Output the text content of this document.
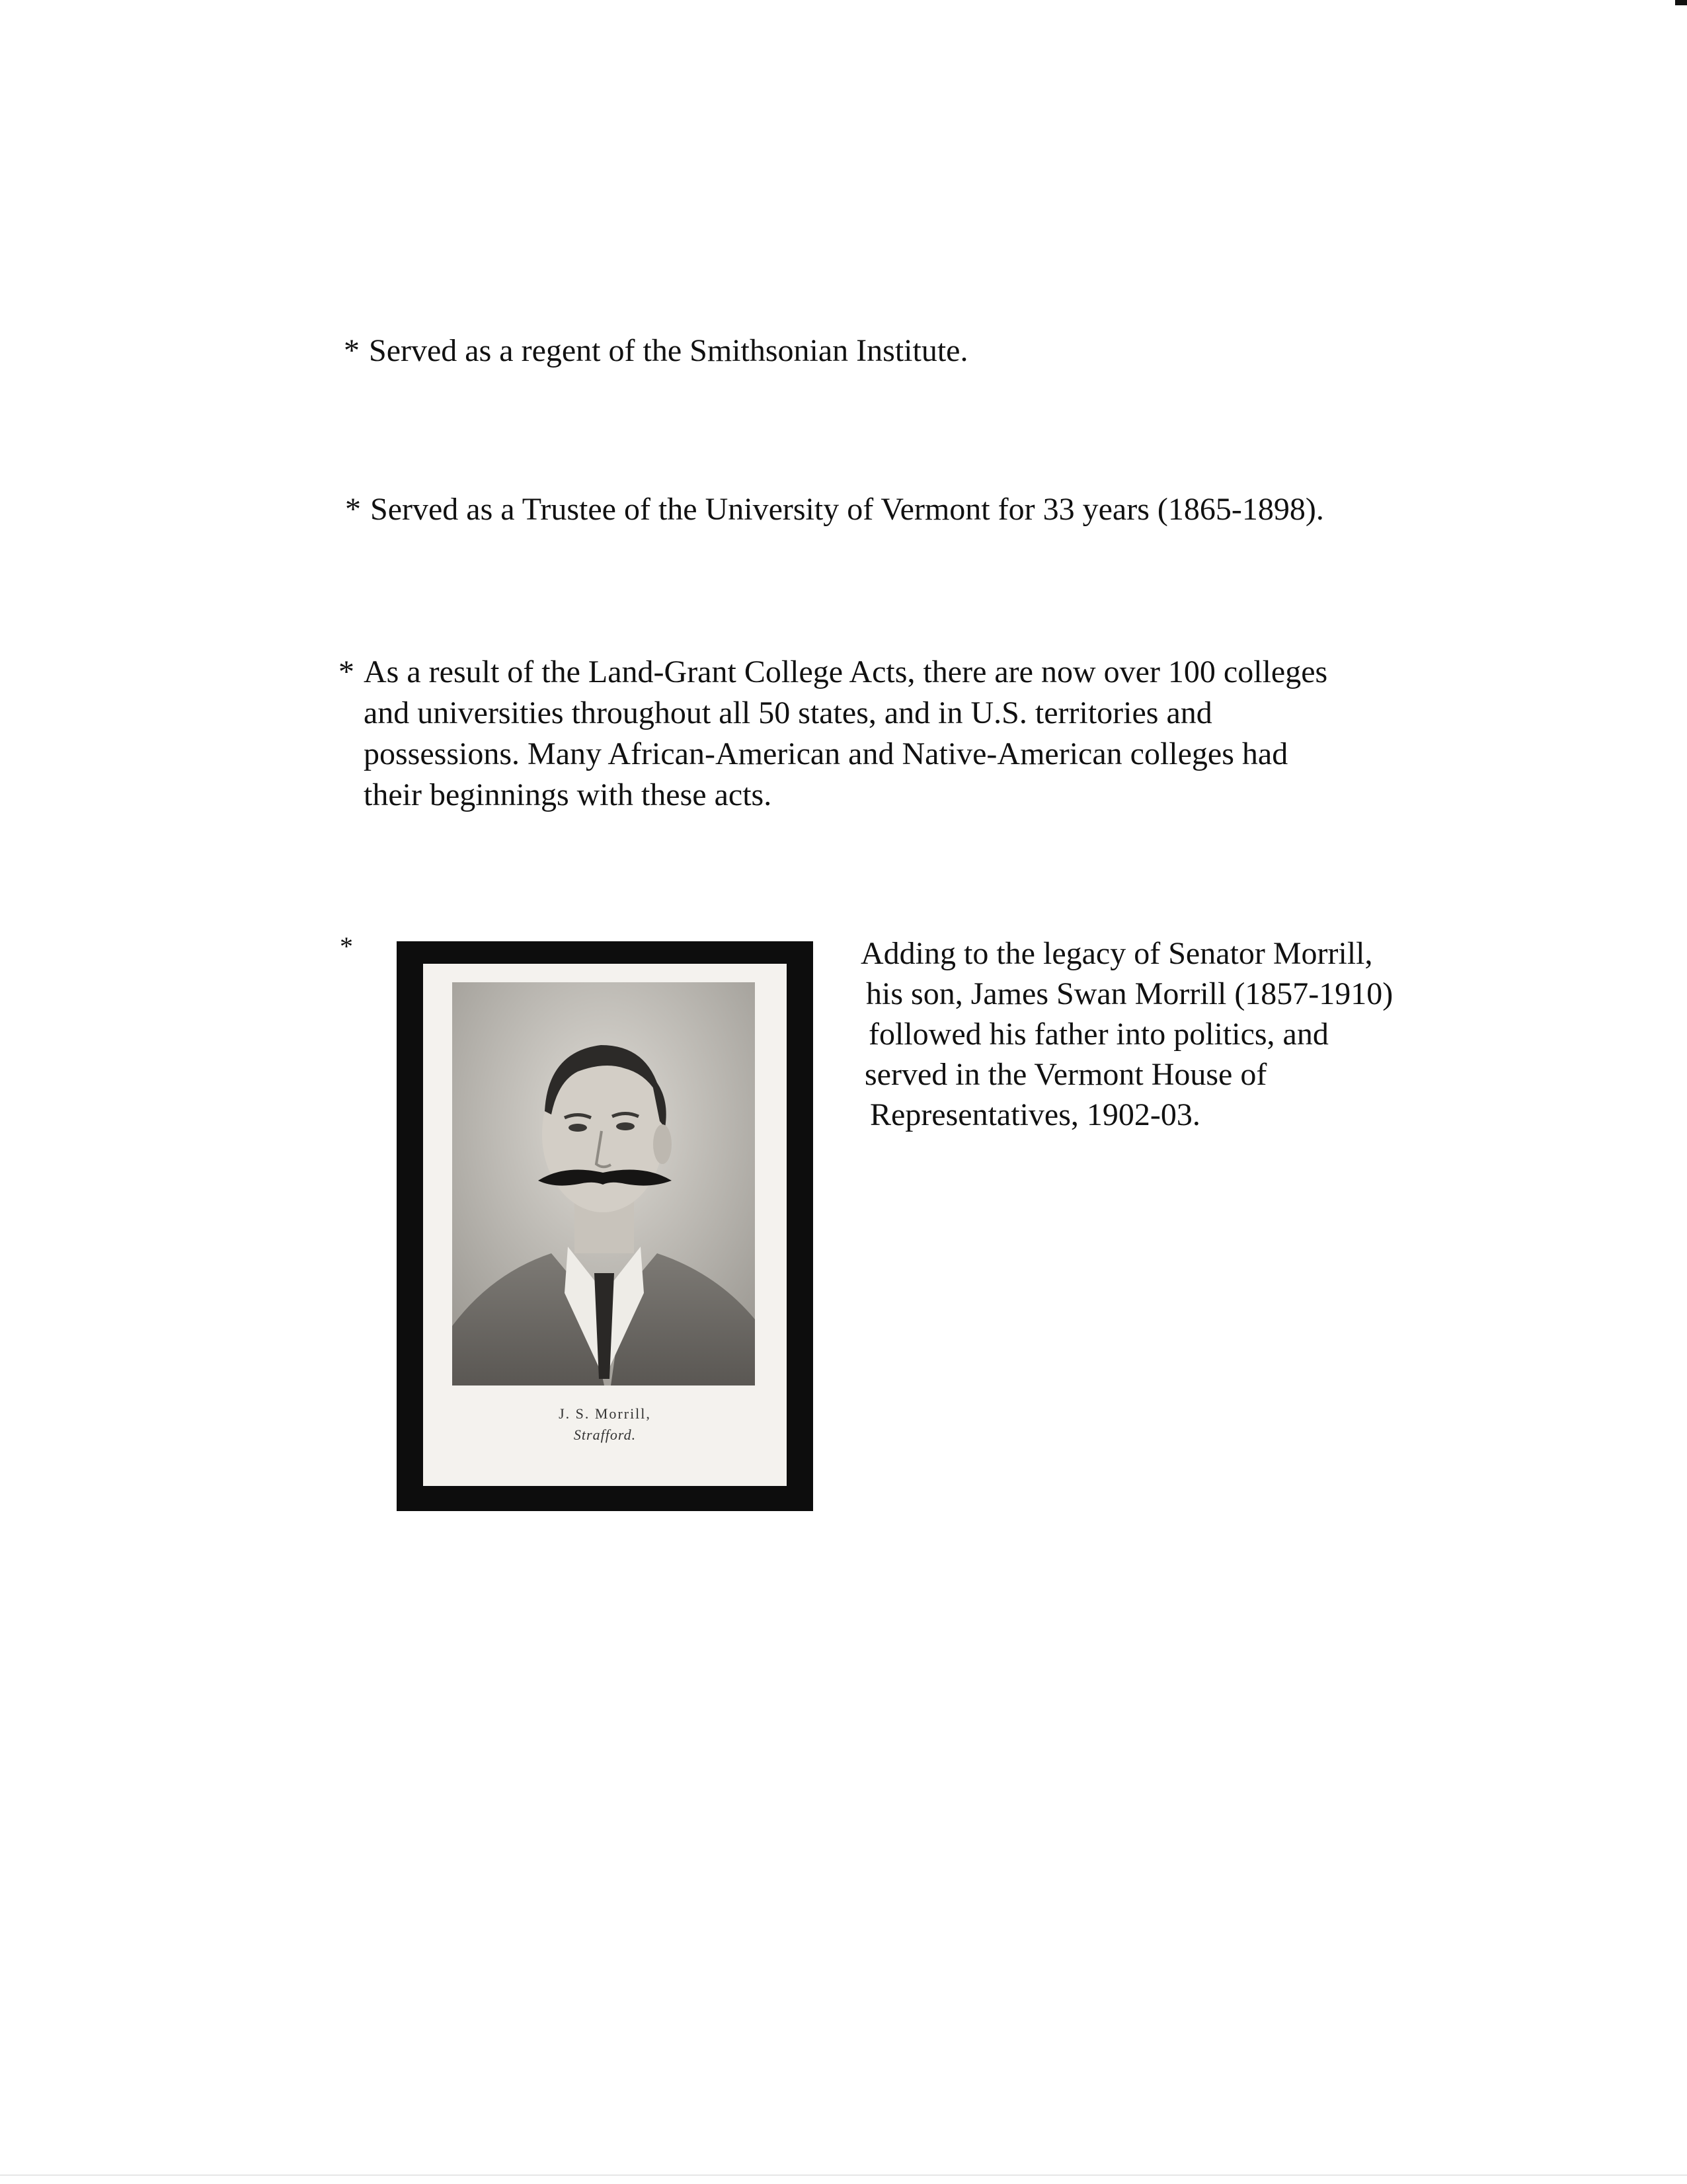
* Served as a regent of the Smithsonian Institute.
* Served as a Trustee of the University of Vermont for 33 years (1865-1898).
* As a result of the Land-Grant College Acts, there are now over 100 colleges
and universities throughout all 50 states, and in U.S. territories and
possessions. Many African-American and Native-American colleges had
their beginnings with these acts.
*
J. S. Morrill,
Strafford.
Adding to the legacy of Senator Morrill,
his son, James Swan Morrill (1857-1910)
followed his father into politics, and
served in the Vermont House of
Representatives, 1902-03.
